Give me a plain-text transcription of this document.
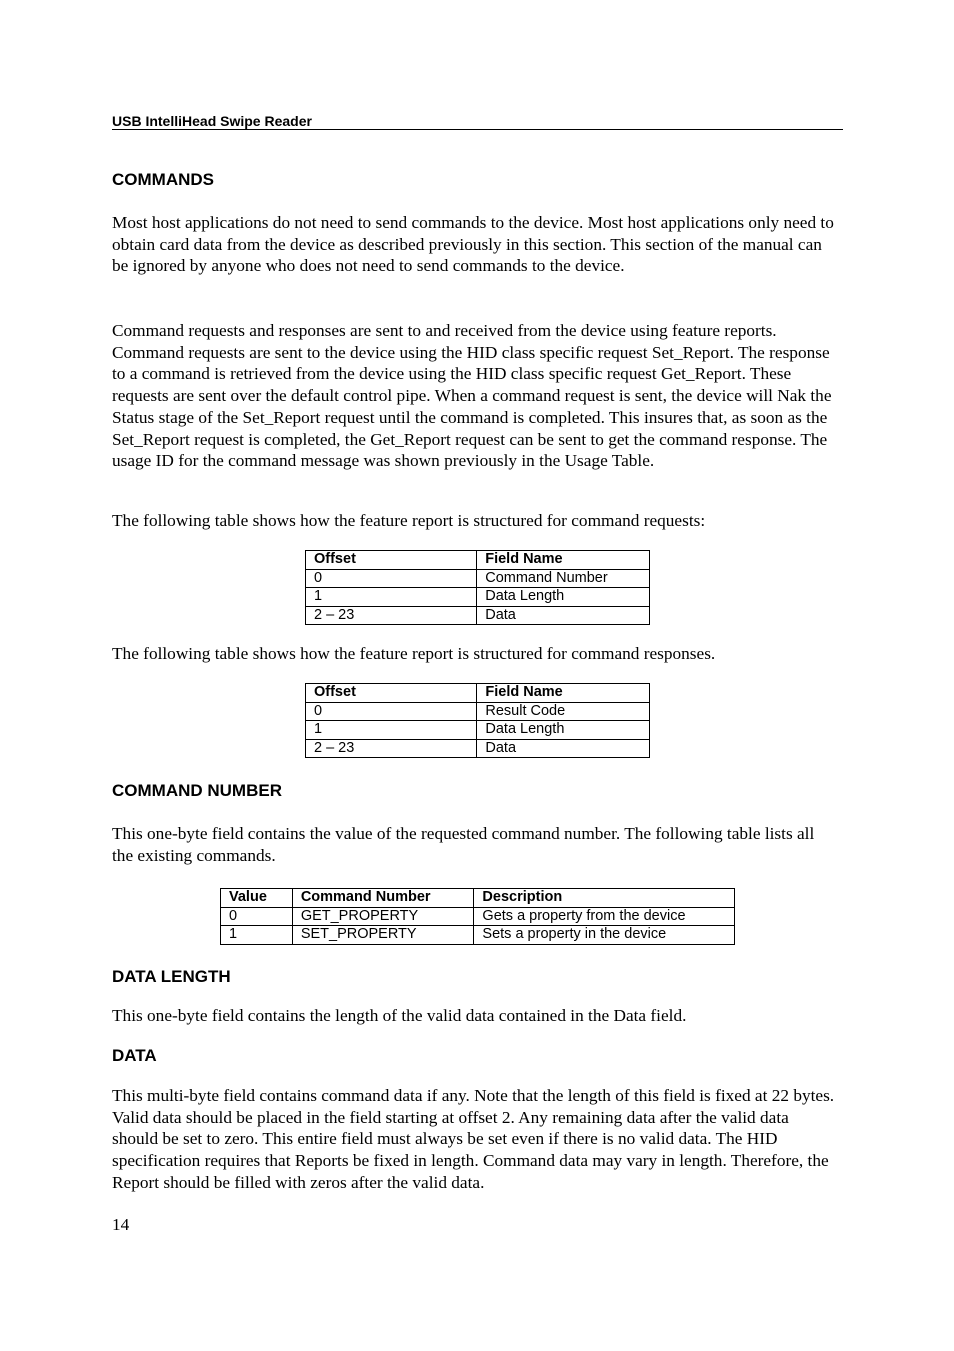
USB IntelliHead Swipe Reader
COMMANDS

Most host applications do not need to send commands to the device. Most host applications only need to obtain card data from the device as described previously in this section. This section of the manual can be ignored by anyone who does not need to send commands to the device.

Command requests and responses are sent to and received from the device using feature reports. Command requests are sent to the device using the HID class specific request Set_Report. The response to a command is retrieved from the device using the HID class specific request Get_Report. These requests are sent over the default control pipe. When a command request is sent, the device will Nak the Status stage of the Set_Report request until the command is completed. This insures that, as soon as the Set_Report request is completed, the Get_Report request can be sent to get the command response. The usage ID for the command message was shown previously in the Usage Table.

The following table shows how the feature report is structured for command requests:

Offset	Field Name
0	Command Number
1	Data Length
2 – 23	Data

The following table shows how the feature report is structured for command responses.

Offset	Field Name
0	Result Code
1	Data Length
2 – 23	Data
COMMAND NUMBER

This one-byte field contains the value of the requested command number. The following table lists all the existing commands.

Value	Command Number	Description
0	GET_PROPERTY	Gets a property from the device
1	SET_PROPERTY	Sets a property in the device
DATA LENGTH

This one-byte field contains the length of the valid data contained in the Data field.

DATA

This multi-byte field contains command data if any. Note that the length of this field is fixed at 22 bytes. Valid data should be placed in the field starting at offset 2. Any remaining data after the valid data should be set to zero. This entire field must always be set even if there is no valid data. The HID specification requires that Reports be fixed in length. Command data may vary in length. Therefore, the Report should be filled with zeros after the valid data.

14
